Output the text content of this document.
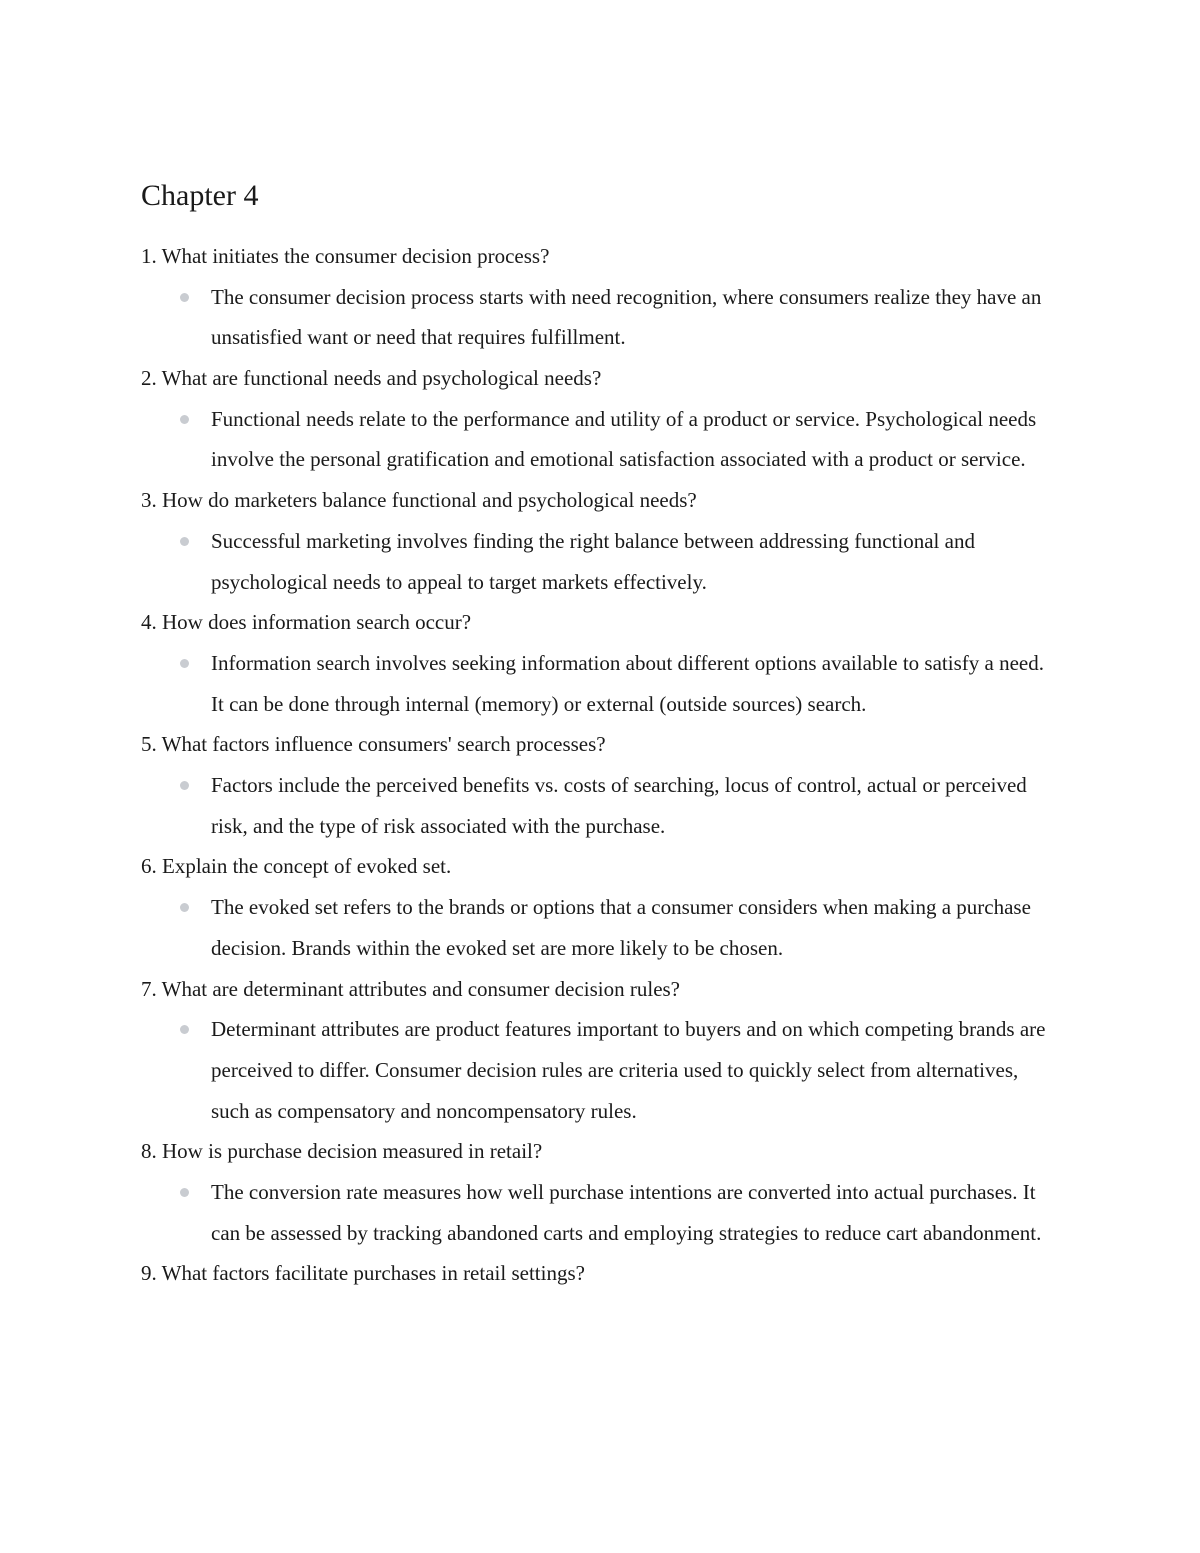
Chapter 4
1. What initiates the consumer decision process?
The consumer decision process starts with need recognition, where consumers realize they have an unsatisfied want or need that requires fulfillment.
2. What are functional needs and psychological needs?
Functional needs relate to the performance and utility of a product or service. Psychological needs involve the personal gratification and emotional satisfaction associated with a product or service.
3. How do marketers balance functional and psychological needs?
Successful marketing involves finding the right balance between addressing functional and psychological needs to appeal to target markets effectively.
4. How does information search occur?
Information search involves seeking information about different options available to satisfy a need. It can be done through internal (memory) or external (outside sources) search.
5. What factors influence consumers' search processes?
Factors include the perceived benefits vs. costs of searching, locus of control, actual or perceived risk, and the type of risk associated with the purchase.
6. Explain the concept of evoked set.
The evoked set refers to the brands or options that a consumer considers when making a purchase decision. Brands within the evoked set are more likely to be chosen.
7. What are determinant attributes and consumer decision rules?
Determinant attributes are product features important to buyers and on which competing brands are perceived to differ. Consumer decision rules are criteria used to quickly select from alternatives, such as compensatory and noncompensatory rules.
8. How is purchase decision measured in retail?
The conversion rate measures how well purchase intentions are converted into actual purchases. It can be assessed by tracking abandoned carts and employing strategies to reduce cart abandonment.
9. What factors facilitate purchases in retail settings?
